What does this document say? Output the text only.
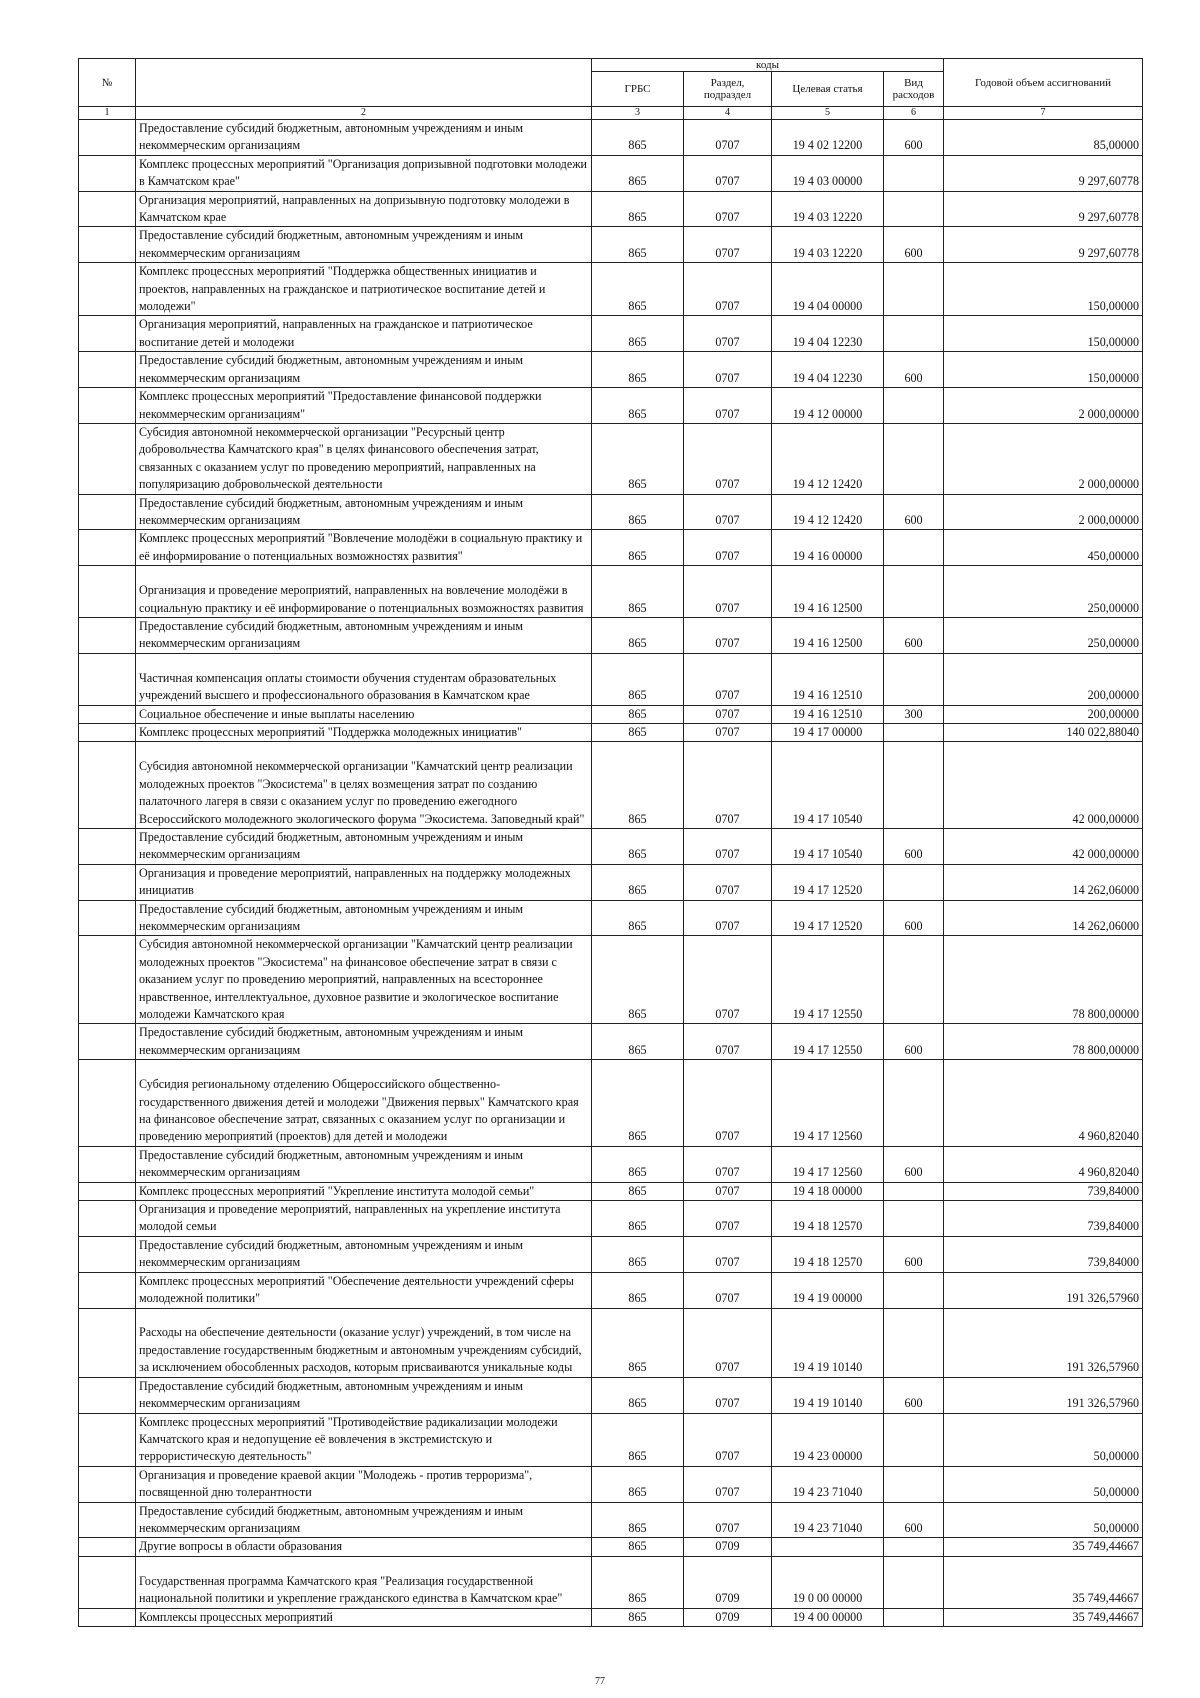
№		коды				Годовой объем ассигнований
		ГРБС	Раздел, подраздел	Целевая статья	Вид расходов	
1	2	3	4	5	6	7
	Предоставление субсидий бюджетным, автономным учреждениям и иным некоммерческим организациям	865	0707	19 4 02 12200	600	85,00000
	Комплекс процессных мероприятий "Организация допризывной подготовки молодежи в Камчатском крае"	865	0707	19 4 03 00000		9 297,60778
	Организация мероприятий, направленных на допризывную подготовку молодежи в Камчатском крае	865	0707	19 4 03 12220		9 297,60778
	Предоставление субсидий бюджетным, автономным учреждениям и иным некоммерческим организациям	865	0707	19 4 03 12220	600	9 297,60778
	Комплекс процессных мероприятий "Поддержка общественных инициатив и проектов, направленных на гражданское и патриотическое воспитание детей и молодежи"	865	0707	19 4 04 00000		150,00000
	Организация мероприятий, направленных на гражданское и патриотическое воспитание детей и молодежи	865	0707	19 4 04 12230		150,00000
	Предоставление субсидий бюджетным, автономным учреждениям и иным некоммерческим организациям	865	0707	19 4 04 12230	600	150,00000
	Комплекс процессных мероприятий "Предоставление финансовой поддержки некоммерческим организациям"	865	0707	19 4 12 00000		2 000,00000
	Субсидия автономной некоммерческой организации "Ресурсный центр добровольчества Камчатского края" в целях финансового обеспечения затрат, связанных с оказанием услуг по проведению мероприятий, направленных на популяризацию добровольческой деятельности	865	0707	19 4 12 12420		2 000,00000
	Предоставление субсидий бюджетным, автономным учреждениям и иным некоммерческим организациям	865	0707	19 4 12 12420	600	2 000,00000
	Комплекс процессных мероприятий "Вовлечение молодёжи в социальную практику и её информирование о потенциальных возможностях развития"	865	0707	19 4 16 00000		450,00000
	Организация и проведение мероприятий, направленных на вовлечение молодёжи в социальную практику и её информирование о потенциальных возможностях развития	865	0707	19 4 16 12500		250,00000
	Предоставление субсидий бюджетным, автономным учреждениям и иным некоммерческим организациям	865	0707	19 4 16 12500	600	250,00000
	Частичная компенсация оплаты стоимости обучения студентам образовательных учреждений высшего и профессионального образования в Камчатском крае	865	0707	19 4 16 12510		200,00000
	Социальное обеспечение и иные выплаты населению	865	0707	19 4 16 12510	300	200,00000
	Комплекс процессных мероприятий "Поддержка молодежных инициатив"	865	0707	19 4 17 00000		140 022,88040
	Субсидия автономной некоммерческой организации "Камчатский центр реализации молодежных проектов "Экосистема" в целях возмещения затрат по созданию палаточного лагеря в связи с оказанием услуг по проведению ежегодного Всероссийского молодежного экологического форума "Экосистема. Заповедный край"	865	0707	19 4 17 10540		42 000,00000
	Предоставление субсидий бюджетным, автономным учреждениям и иным некоммерческим организациям	865	0707	19 4 17 10540	600	42 000,00000
	Организация и проведение мероприятий, направленных на поддержку молодежных инициатив	865	0707	19 4 17 12520		14 262,06000
	Предоставление субсидий бюджетным, автономным учреждениям и иным некоммерческим организациям	865	0707	19 4 17 12520	600	14 262,06000
	Субсидия автономной некоммерческой организации "Камчатский центр реализации молодежных проектов "Экосистема" на финансовое обеспечение затрат в связи с оказанием услуг по проведению мероприятий, направленных на всестороннее нравственное, интеллектуальное, духовное развитие и экологическое воспитание молодежи Камчатского края	865	0707	19 4 17 12550		78 800,00000
	Предоставление субсидий бюджетным, автономным учреждениям и иным некоммерческим организациям	865	0707	19 4 17 12550	600	78 800,00000
	Субсидия региональному отделению Общероссийского общественно-государственного движения детей и молодежи "Движения первых" Камчатского края на финансовое обеспечение затрат, связанных с оказанием услуг по организации и проведению мероприятий (проектов) для детей и молодежи	865	0707	19 4 17 12560		4 960,82040
	Предоставление субсидий бюджетным, автономным учреждениям и иным некоммерческим организациям	865	0707	19 4 17 12560	600	4 960,82040
	Комплекс процессных мероприятий "Укрепление института молодой семьи"	865	0707	19 4 18 00000		739,84000
	Организация и проведение мероприятий, направленных на укрепление института молодой семьи	865	0707	19 4 18 12570		739,84000
	Предоставление субсидий бюджетным, автономным учреждениям и иным некоммерческим организациям	865	0707	19 4 18 12570	600	739,84000
	Комплекс процессных мероприятий "Обеспечение деятельности учреждений сферы молодежной политики"	865	0707	19 4 19 00000		191 326,57960
	Расходы на обеспечение деятельности (оказание услуг) учреждений, в том числе на предоставление государственным бюджетным и автономным учреждениям субсидий, за исключением обособленных расходов, которым присваиваются уникальные коды	865	0707	19 4 19 10140		191 326,57960
	Предоставление субсидий бюджетным, автономным учреждениям и иным некоммерческим организациям	865	0707	19 4 19 10140	600	191 326,57960
	Комплекс процессных мероприятий "Противодействие радикализации молодежи Камчатского края и недопущение её вовлечения в экстремистскую и террористическую деятельность"	865	0707	19 4 23 00000		50,00000
	Организация и проведение краевой акции "Молодежь - против терроризма", посвященной дню толерантности	865	0707	19 4 23 71040		50,00000
	Предоставление субсидий бюджетным, автономным учреждениям и иным некоммерческим организациям	865	0707	19 4 23 71040	600	50,00000
	Другие вопросы в области образования	865	0709			35 749,44667
	Государственная программа Камчатского края "Реализация государственной национальной политики и укрепление гражданского единства в Камчатском крае"	865	0709	19 0 00 00000		35 749,44667
	Комплексы процессных мероприятий	865	0709	19 4 00 00000		35 749,44667
77
